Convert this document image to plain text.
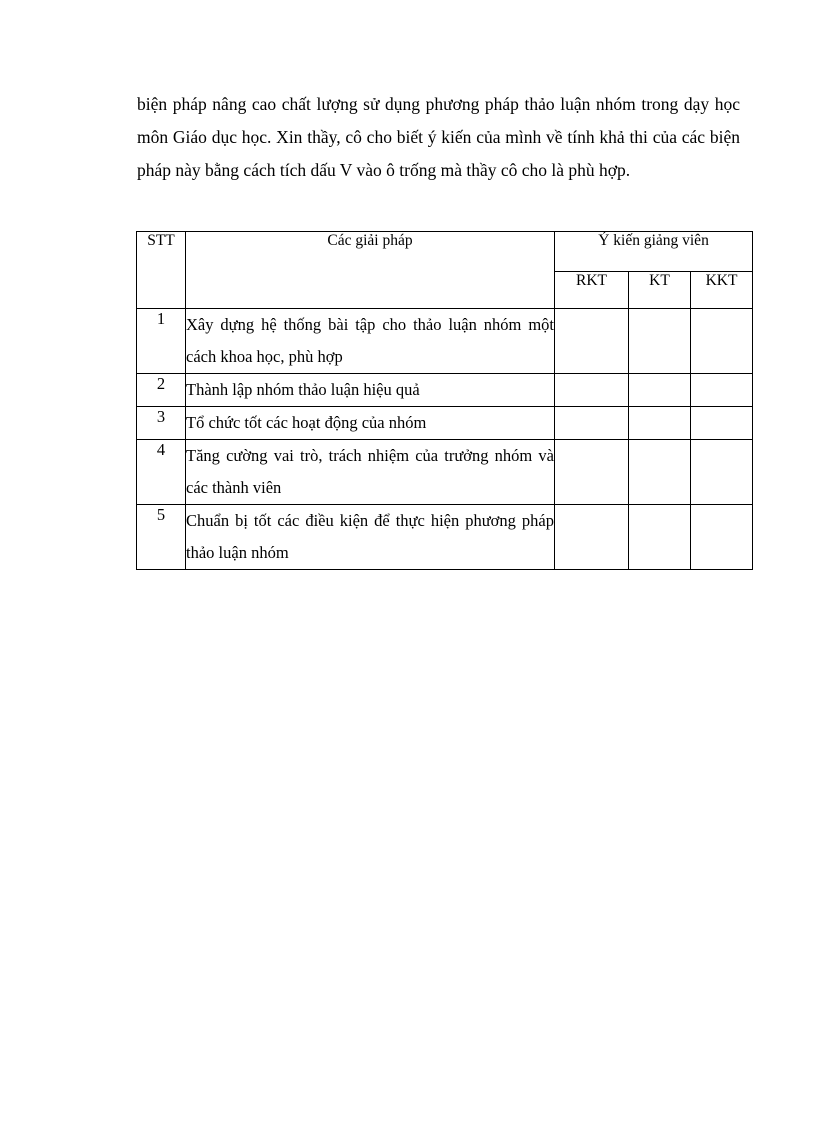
biện pháp nâng cao chất lượng sử dụng phương pháp thảo luận nhóm trong dạy học môn Giáo dục học. Xin thầy, cô cho biết ý kiến của mình về tính khả thi của các biện pháp này bằng cách tích dấu V vào ô trống mà thầy cô cho là phù hợp.

STT	Các giải pháp	Ý kiến giảng viên		
		RKT	KT	KKT
1	Xây dựng hệ thống bài tập cho thảo luận nhóm một cách khoa học, phù hợp			
2	Thành lập nhóm thảo luận hiệu quả			
3	Tổ chức tốt các hoạt động của nhóm			
4	Tăng cường vai trò, trách nhiệm của trưởng nhóm và các thành viên			
5	Chuẩn bị tốt các điều kiện để thực hiện phương pháp thảo luận nhóm			
